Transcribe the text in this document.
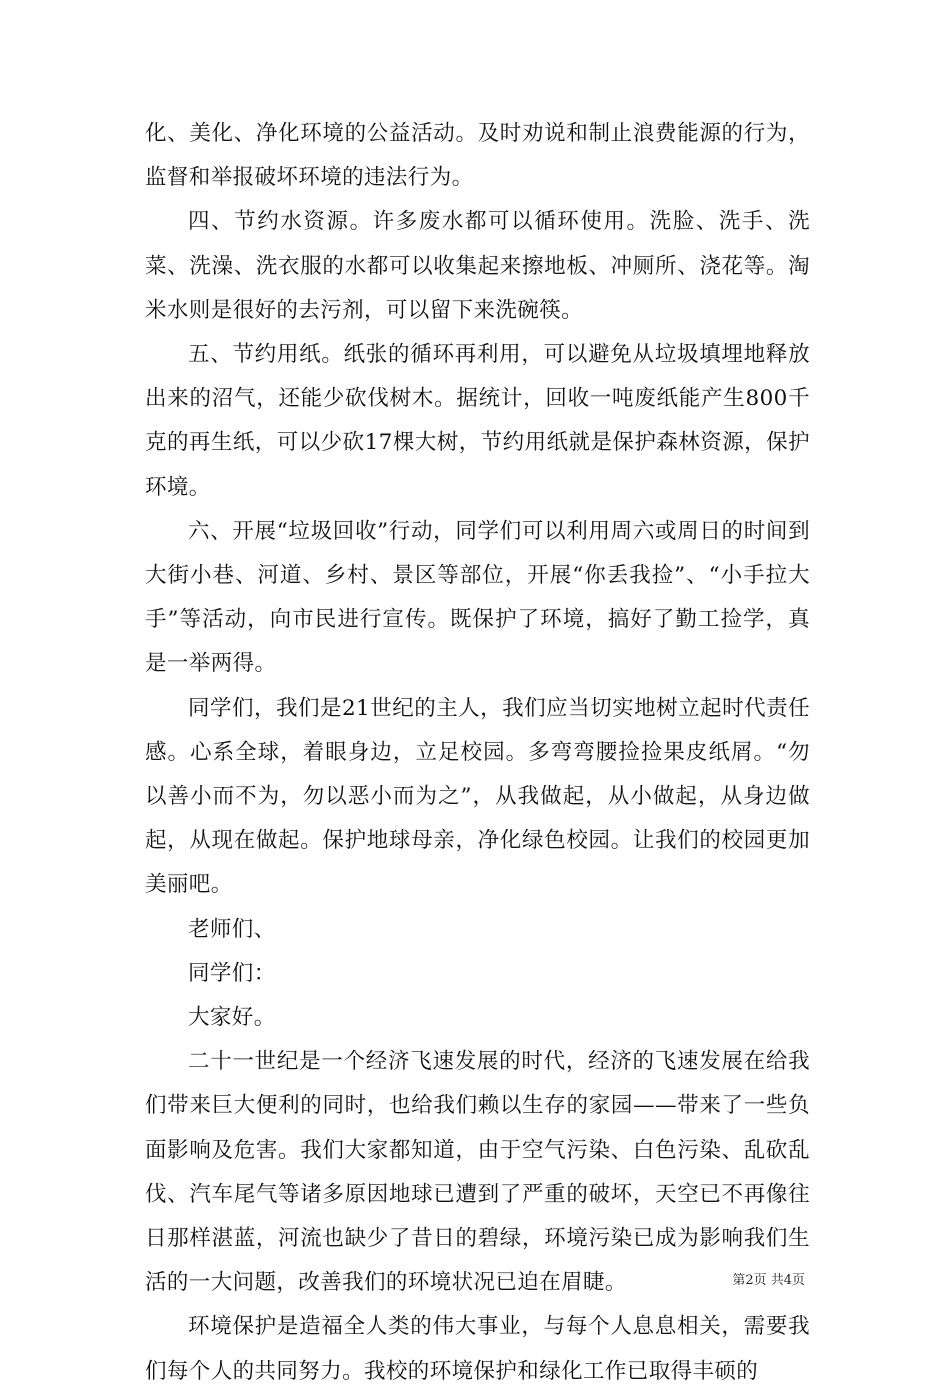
化、美化、净化环境的公益活动。及时劝说和制止浪费能源的行为，监督和举报破坏环境的违法行为。

四、节约水资源。许多废水都可以循环使用。洗脸、洗手、洗菜、洗澡、洗衣服的水都可以收集起来擦地板、冲厕所、浇花等。淘米水则是很好的去污剂，可以留下来洗碗筷。

五、节约用纸。纸张的循环再利用，可以避免从垃圾填埋地释放出来的沼气，还能少砍伐树木。据统计，回收一吨废纸能产生800千克的再生纸，可以少砍17棵大树，节约用纸就是保护森林资源，保护环境。

六、开展“垃圾回收”行动，同学们可以利用周六或周日的时间到大街小巷、河道、乡村、景区等部位，开展“你丢我捡”、“小手拉大手”等活动，向市民进行宣传。既保护了环境，搞好了勤工捡学，真是一举两得。

同学们，我们是21世纪的主人，我们应当切实地树立起时代责任感。心系全球，着眼身边，立足校园。多弯弯腰捡捡果皮纸屑。“勿以善小而不为，勿以恶小而为之”，从我做起，从小做起，从身边做起，从现在做起。保护地球母亲，净化绿色校园。让我们的校园更加美丽吧。

老师们、

同学们：

大家好。

二十一世纪是一个经济飞速发展的时代，经济的飞速发展在给我们带来巨大便利的同时，也给我们赖以生存的家园——带来了一些负面影响及危害。我们大家都知道，由于空气污染、白色污染、乱砍乱伐、汽车尾气等诸多原因地球已遭到了严重的破坏，天空已不再像往日那样湛蓝，河流也缺少了昔日的碧绿，环境污染已成为影响我们生活的一大问题，改善我们的环境状况已迫在眉睫。

环境保护是造福全人类的伟大事业，与每个人息息相关，需要我们每个人的共同努力。我校的环境保护和绿化工作已取得丰硕的

第2页 共4页
